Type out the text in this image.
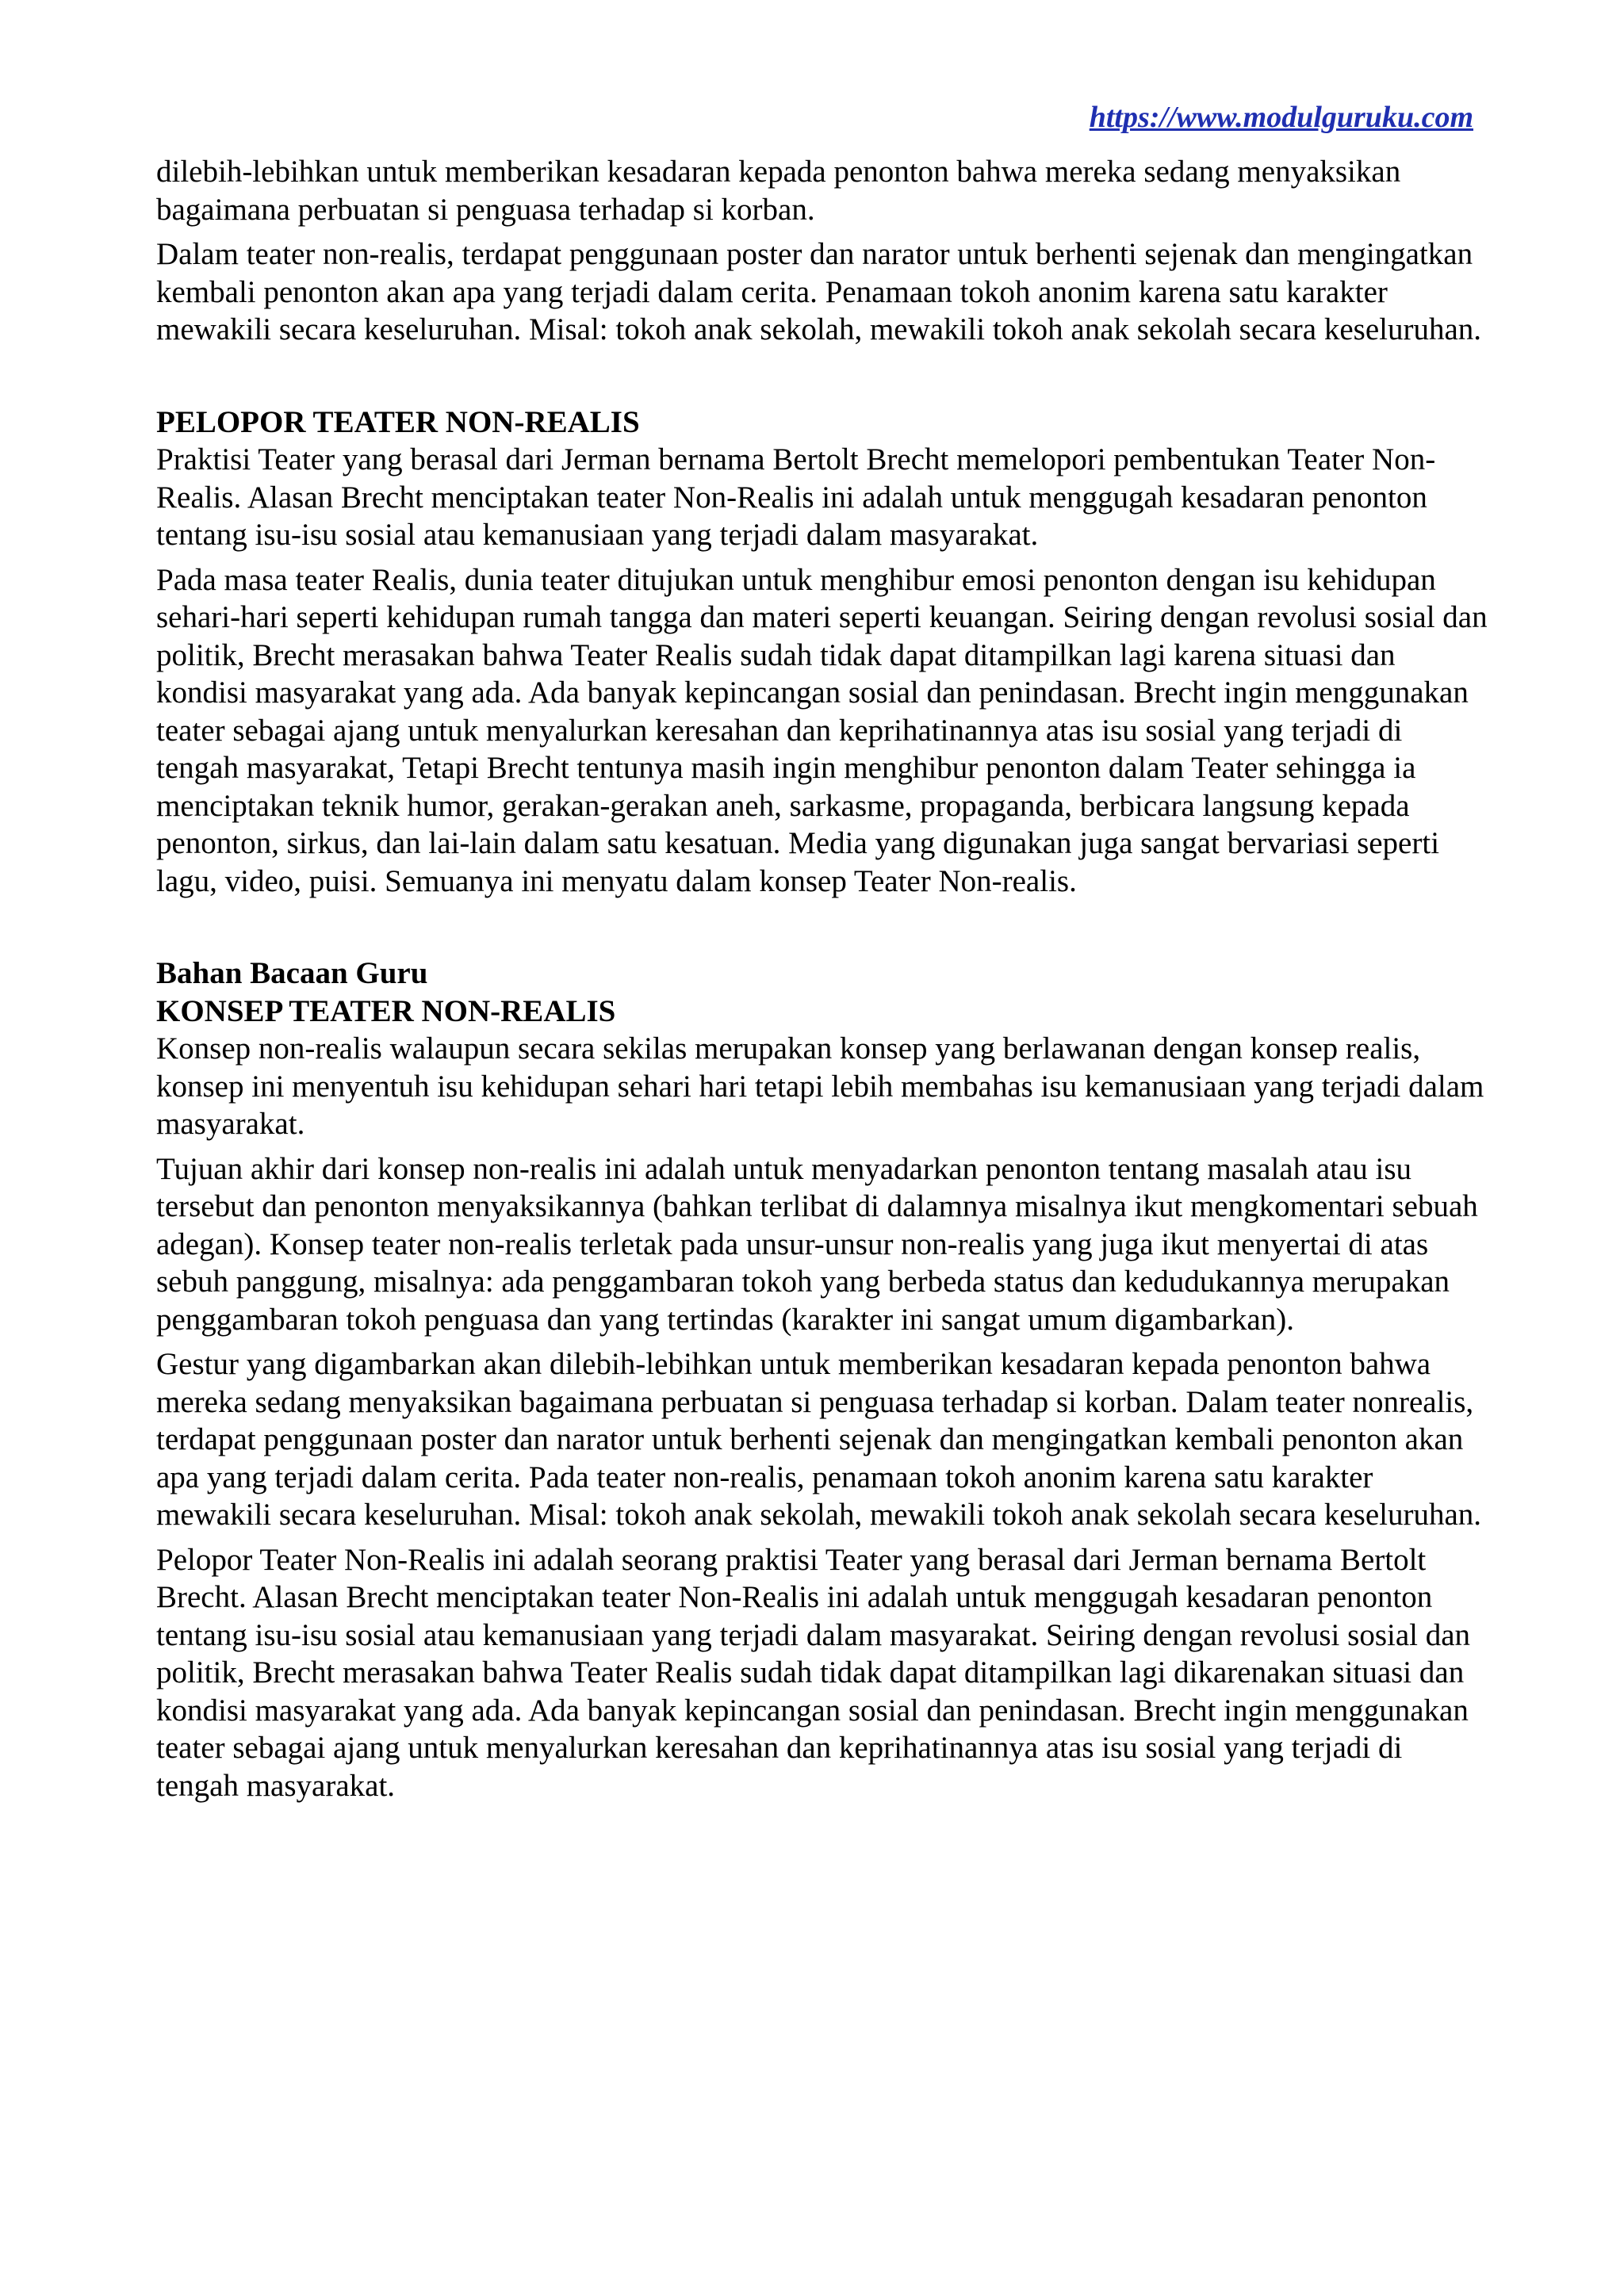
https://www.modulguruku.com

dilebih-lebihkan untuk memberikan kesadaran kepada penonton bahwa mereka sedang menyaksikan bagaimana perbuatan si penguasa terhadap si korban.

Dalam teater non-realis, terdapat penggunaan poster dan narator untuk berhenti sejenak dan mengingatkan kembali penonton akan apa yang terjadi dalam cerita. Penamaan tokoh anonim karena satu karakter mewakili secara keseluruhan. Misal: tokoh anak sekolah, mewakili tokoh anak sekolah secara keseluruhan.

PELOPOR TEATER NON-REALIS

Praktisi Teater yang berasal dari Jerman bernama Bertolt Brecht memelopori pembentukan Teater Non-Realis. Alasan Brecht menciptakan teater Non-Realis ini adalah untuk menggugah kesadaran penonton tentang isu-isu sosial atau kemanusiaan yang terjadi dalam masyarakat.

Pada masa teater Realis, dunia teater ditujukan untuk menghibur emosi penonton dengan isu kehidupan sehari-hari seperti kehidupan rumah tangga dan materi seperti keuangan. Seiring dengan revolusi sosial dan politik, Brecht merasakan bahwa Teater Realis sudah tidak dapat ditampilkan lagi karena situasi dan kondisi masyarakat yang ada. Ada banyak kepincangan sosial dan penindasan. Brecht ingin menggunakan teater sebagai ajang untuk menyalurkan keresahan dan keprihatinannya atas isu sosial yang terjadi di tengah masyarakat, Tetapi Brecht tentunya masih ingin menghibur penonton dalam Teater sehingga ia menciptakan teknik humor, gerakan-gerakan aneh, sarkasme, propaganda, berbicara langsung kepada penonton, sirkus, dan lai-lain dalam satu kesatuan. Media yang digunakan juga sangat bervariasi seperti lagu, video, puisi. Semuanya ini menyatu dalam konsep Teater Non-realis.

Bahan Bacaan Guru
KONSEP TEATER NON-REALIS

Konsep non-realis walaupun secara sekilas merupakan konsep yang berlawanan dengan konsep realis, konsep ini menyentuh isu kehidupan sehari hari tetapi lebih membahas isu kemanusiaan yang terjadi dalam masyarakat.

Tujuan akhir dari konsep non-realis ini adalah untuk menyadarkan penonton tentang masalah atau isu tersebut dan penonton menyaksikannya (bahkan terlibat di dalamnya misalnya ikut mengkomentari sebuah adegan). Konsep teater non-realis terletak pada unsur-unsur non-realis yang juga ikut menyertai di atas sebuh panggung, misalnya: ada penggambaran tokoh yang berbeda status dan kedudukannya merupakan penggambaran tokoh penguasa dan yang tertindas (karakter ini sangat umum digambarkan).

Gestur yang digambarkan akan dilebih-lebihkan untuk memberikan kesadaran kepada penonton bahwa mereka sedang menyaksikan bagaimana perbuatan si penguasa terhadap si korban. Dalam teater nonrealis, terdapat penggunaan poster dan narator untuk berhenti sejenak dan mengingatkan kembali penonton akan apa yang terjadi dalam cerita. Pada teater non-realis, penamaan tokoh anonim karena satu karakter mewakili secara keseluruhan. Misal: tokoh anak sekolah, mewakili tokoh anak sekolah secara keseluruhan.

Pelopor Teater Non-Realis ini adalah seorang praktisi Teater yang berasal dari Jerman bernama Bertolt Brecht. Alasan Brecht menciptakan teater Non-Realis ini adalah untuk menggugah kesadaran penonton tentang isu-isu sosial atau kemanusiaan yang terjadi dalam masyarakat. Seiring dengan revolusi sosial dan politik, Brecht merasakan bahwa Teater Realis sudah tidak dapat ditampilkan lagi dikarenakan situasi dan kondisi masyarakat yang ada. Ada banyak kepincangan sosial dan penindasan. Brecht ingin menggunakan teater sebagai ajang untuk menyalurkan keresahan dan keprihatinannya atas isu sosial yang terjadi di tengah masyarakat.
